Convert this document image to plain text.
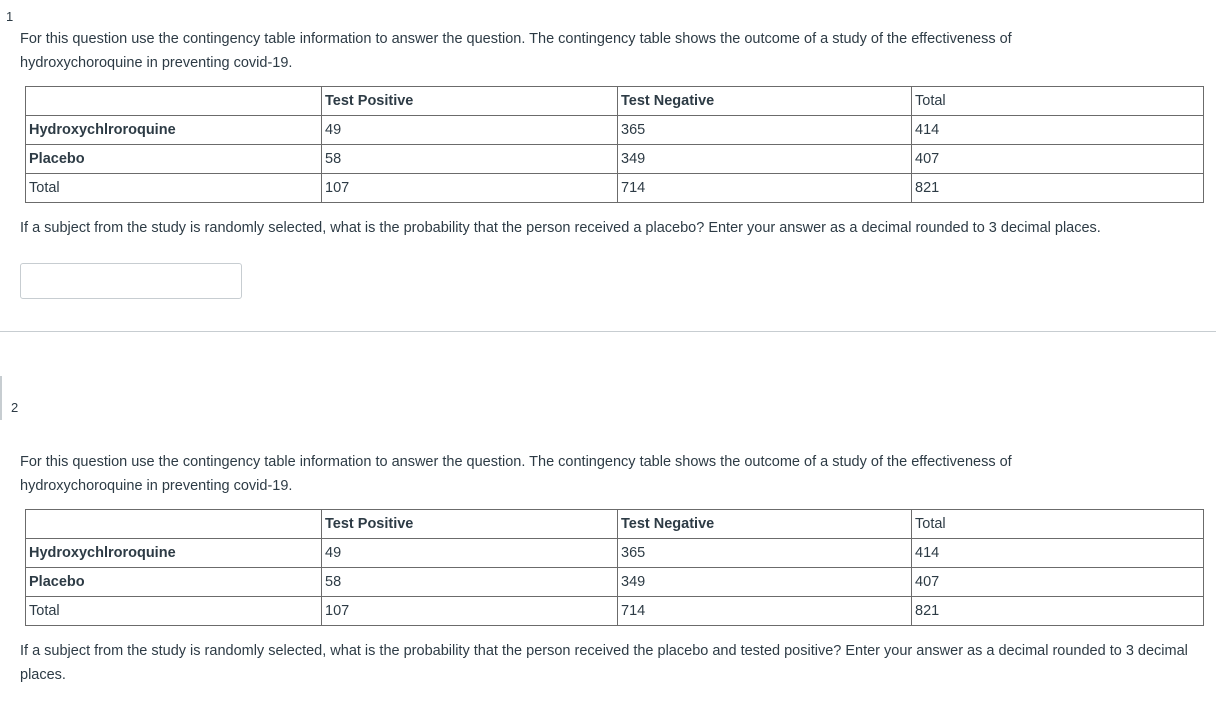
1

For this question use the contingency table information to answer the question. The contingency table shows the outcome of a study of the effectiveness of hydroxychoroquine in preventing covid-19.

	Test Positive	Test Negative	Total
Hydroxychlroroquine	49	365	414
Placebo	58	349	407
Total	107	714	821

If a subject from the study is randomly selected, what is the probability that the person received a placebo? Enter your answer as a decimal rounded to 3 decimal places.

2

For this question use the contingency table information to answer the question. The contingency table shows the outcome of a study of the effectiveness of hydroxychoroquine in preventing covid-19.

	Test Positive	Test Negative	Total
Hydroxychlroroquine	49	365	414
Placebo	58	349	407
Total	107	714	821

If a subject from the study is randomly selected, what is the probability that the person received the placebo and tested positive? Enter your answer as a decimal rounded to 3 decimal places.
